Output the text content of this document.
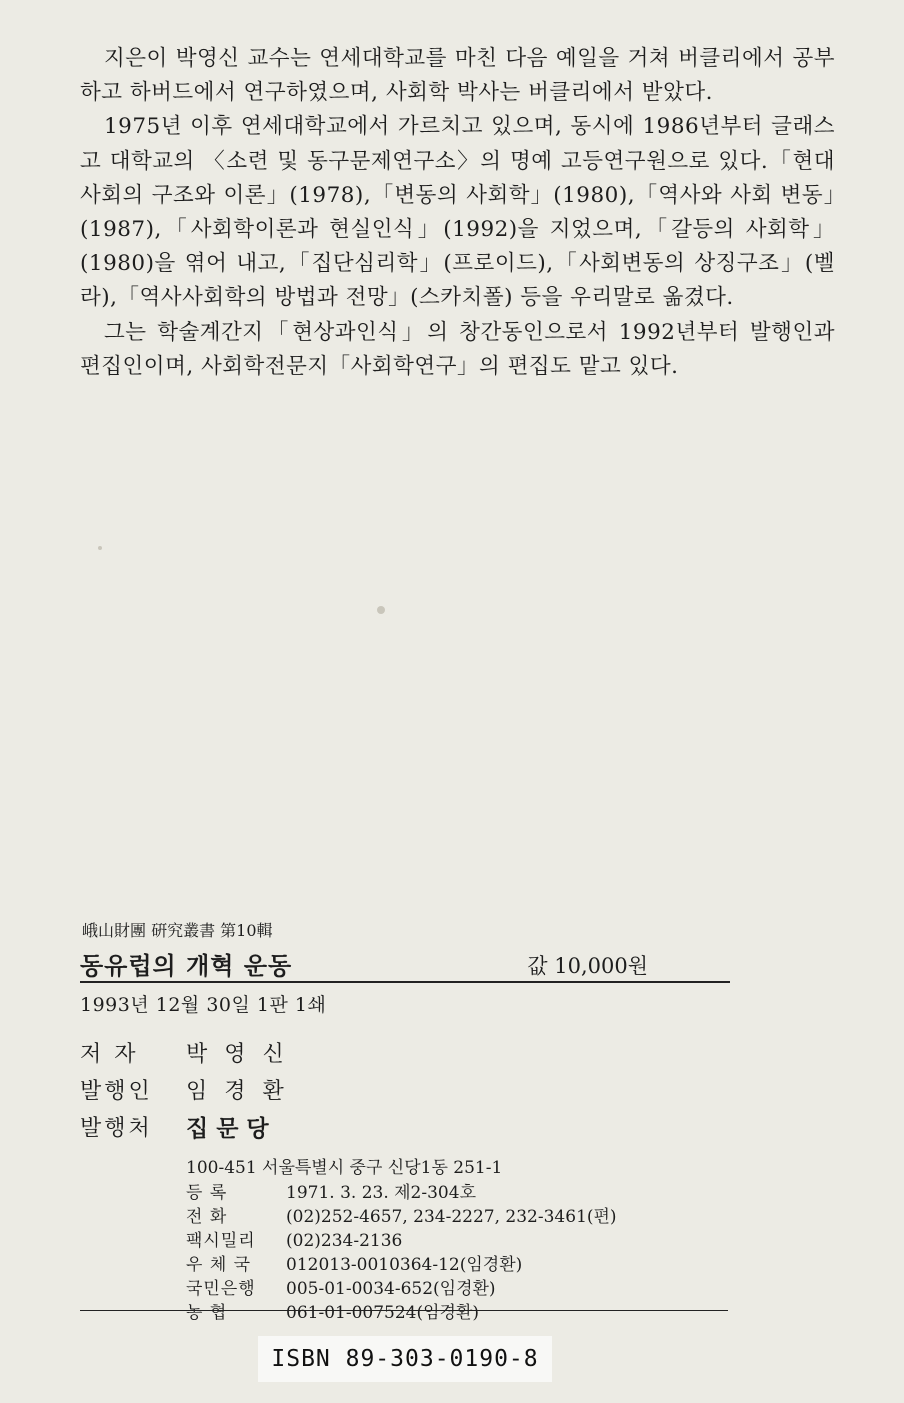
지은이 박영신 교수는 연세대학교를 마친 다음 예일을 거쳐 버클리에서 공부하고 하버드에서 연구하였으며, 사회학 박사는 버클리에서 받았다.

1975년 이후 연세대학교에서 가르치고 있으며, 동시에 1986년부터 글래스고 대학교의 〈소련 및 동구문제연구소〉의 명예 고등연구원으로 있다.「현대사회의 구조와 이론」(1978),「변동의 사회학」(1980),「역사와 사회 변동」(1987),「사회학이론과 현실인식」(1992)을 지었으며,「갈등의 사회학」(1980)을 엮어 내고,「집단심리학」(프로이드),「사회변동의 상징구조」(벨라),「역사사회학의 방법과 전망」(스카치폴) 등을 우리말로 옮겼다.

그는 학술계간지「현상과인식」의 창간동인으로서 1992년부터 발행인과 편집인이며, 사회학전문지「사회학연구」의 편집도 맡고 있다.

峨山財團 硏究叢書 第10輯
동유럽의 개혁 운동	값 10,000원
1993년 12월 30일 1판 1쇄
저 자	박영신
발행인	임경환
발행처	집문당
100-451 서울특별시 중구 신당1동 251-1
등 록	1971. 3. 23. 제2-304호
전 화	(02)252-4657, 234-2227, 232-3461(편)
팩시밀리	(02)234-2136
우 체 국	012013-0010364-12(임경환)
국민은행	005-01-0034-652(임경환)
농 협	061-01-007524(임경환)
ISBN 89-303-0190-8
